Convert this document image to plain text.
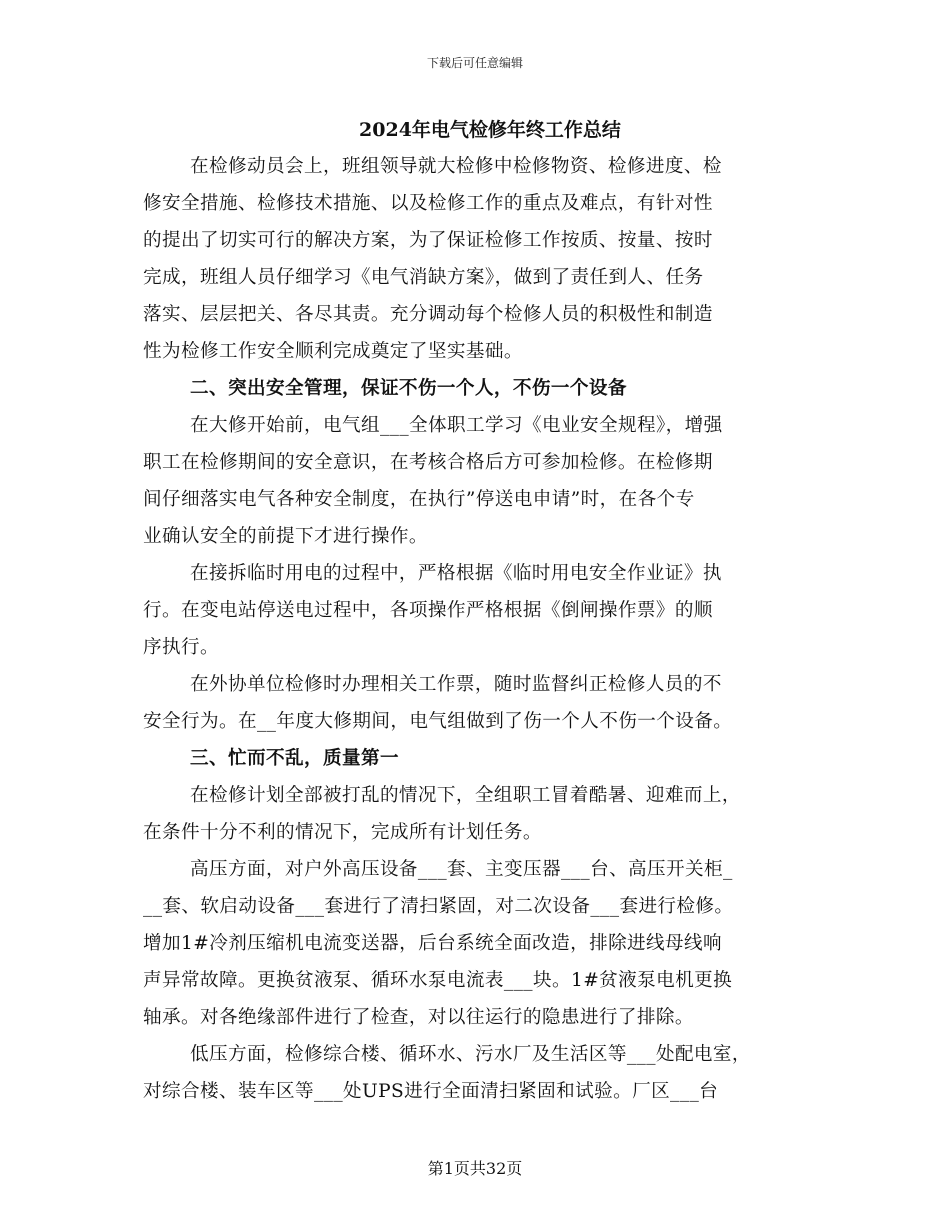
下载后可任意编辑
2024年电气检修年终工作总结
在检修动员会上，班组领导就大检修中检修物资、检修进度、检
修安全措施、检修技术措施、以及检修工作的重点及难点，有针对性
的提出了切实可行的解决方案，为了保证检修工作按质、按量、按时
完成，班组人员仔细学习《电气消缺方案》，做到了责任到人、任务
落实、层层把关、各尽其责。充分调动每个检修人员的积极性和制造
性为检修工作安全顺利完成奠定了坚实基础。
二、突出安全管理，保证不伤一个人，不伤一个设备
在大修开始前，电气组___全体职工学习《电业安全规程》，增强
职工在检修期间的安全意识，在考核合格后方可参加检修。在检修期
间仔细落实电气各种安全制度，在执行”停送电申请”时，在各个专
业确认安全的前提下才进行操作。
在接拆临时用电的过程中，严格根据《临时用电安全作业证》执
行。在变电站停送电过程中，各项操作严格根据《倒闸操作票》的顺
序执行。
在外协单位检修时办理相关工作票，随时监督纠正检修人员的不
安全行为。在__年度大修期间，电气组做到了伤一个人不伤一个设备。
三、忙而不乱，质量第一
在检修计划全部被打乱的情况下，全组职工冒着酷暑、迎难而上，
在条件十分不利的情况下，完成所有计划任务。
高压方面，对户外高压设备___套、主变压器___台、高压开关柜_
__套、软启动设备___套进行了清扫紧固，对二次设备___套进行检修。
增加1#冷剂压缩机电流变送器，后台系统全面改造，排除进线母线响
声异常故障。更换贫液泵、循环水泵电流表___块。1#贫液泵电机更换
轴承。对各绝缘部件进行了检查，对以往运行的隐患进行了排除。
低压方面，检修综合楼、循环水、污水厂及生活区等___处配电室，
对综合楼、装车区等___处UPS进行全面清扫紧固和试验。厂区___台
第1页共32页
